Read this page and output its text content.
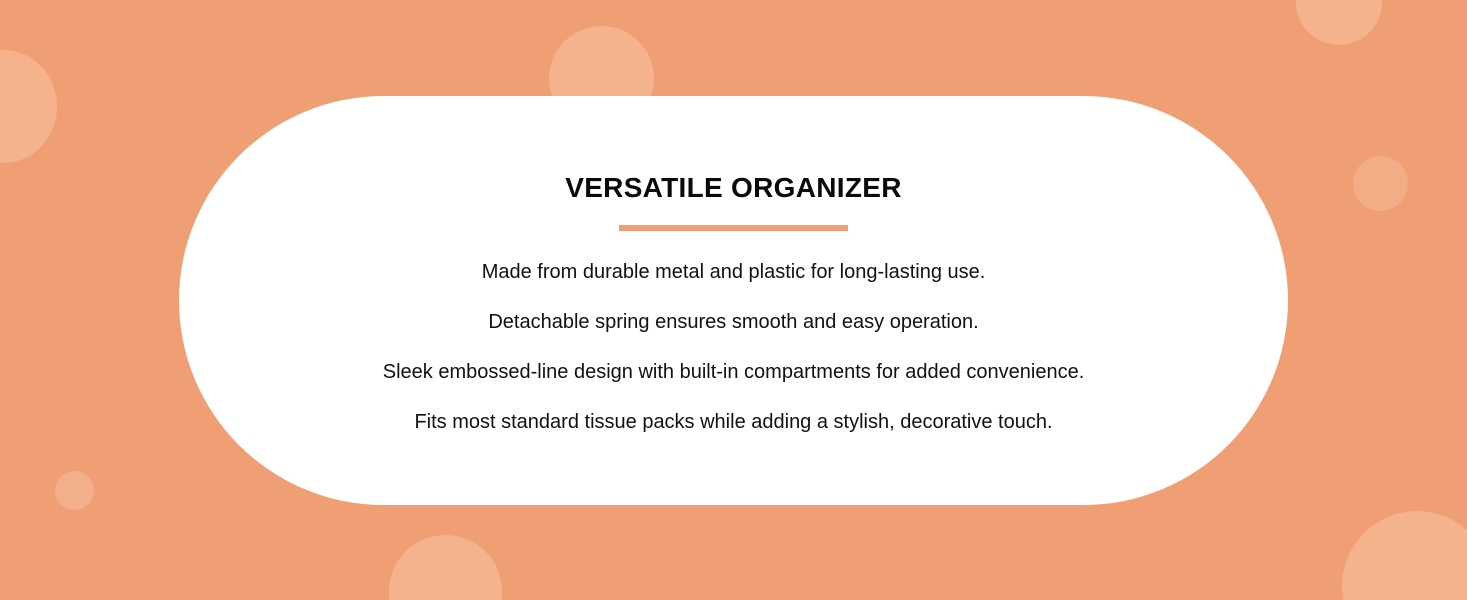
VERSATILE ORGANIZER
Made from durable metal and plastic for long-lasting use.
Detachable spring ensures smooth and easy operation.
Sleek embossed-line design with built-in compartments for added convenience.
Fits most standard tissue packs while adding a stylish, decorative touch.
